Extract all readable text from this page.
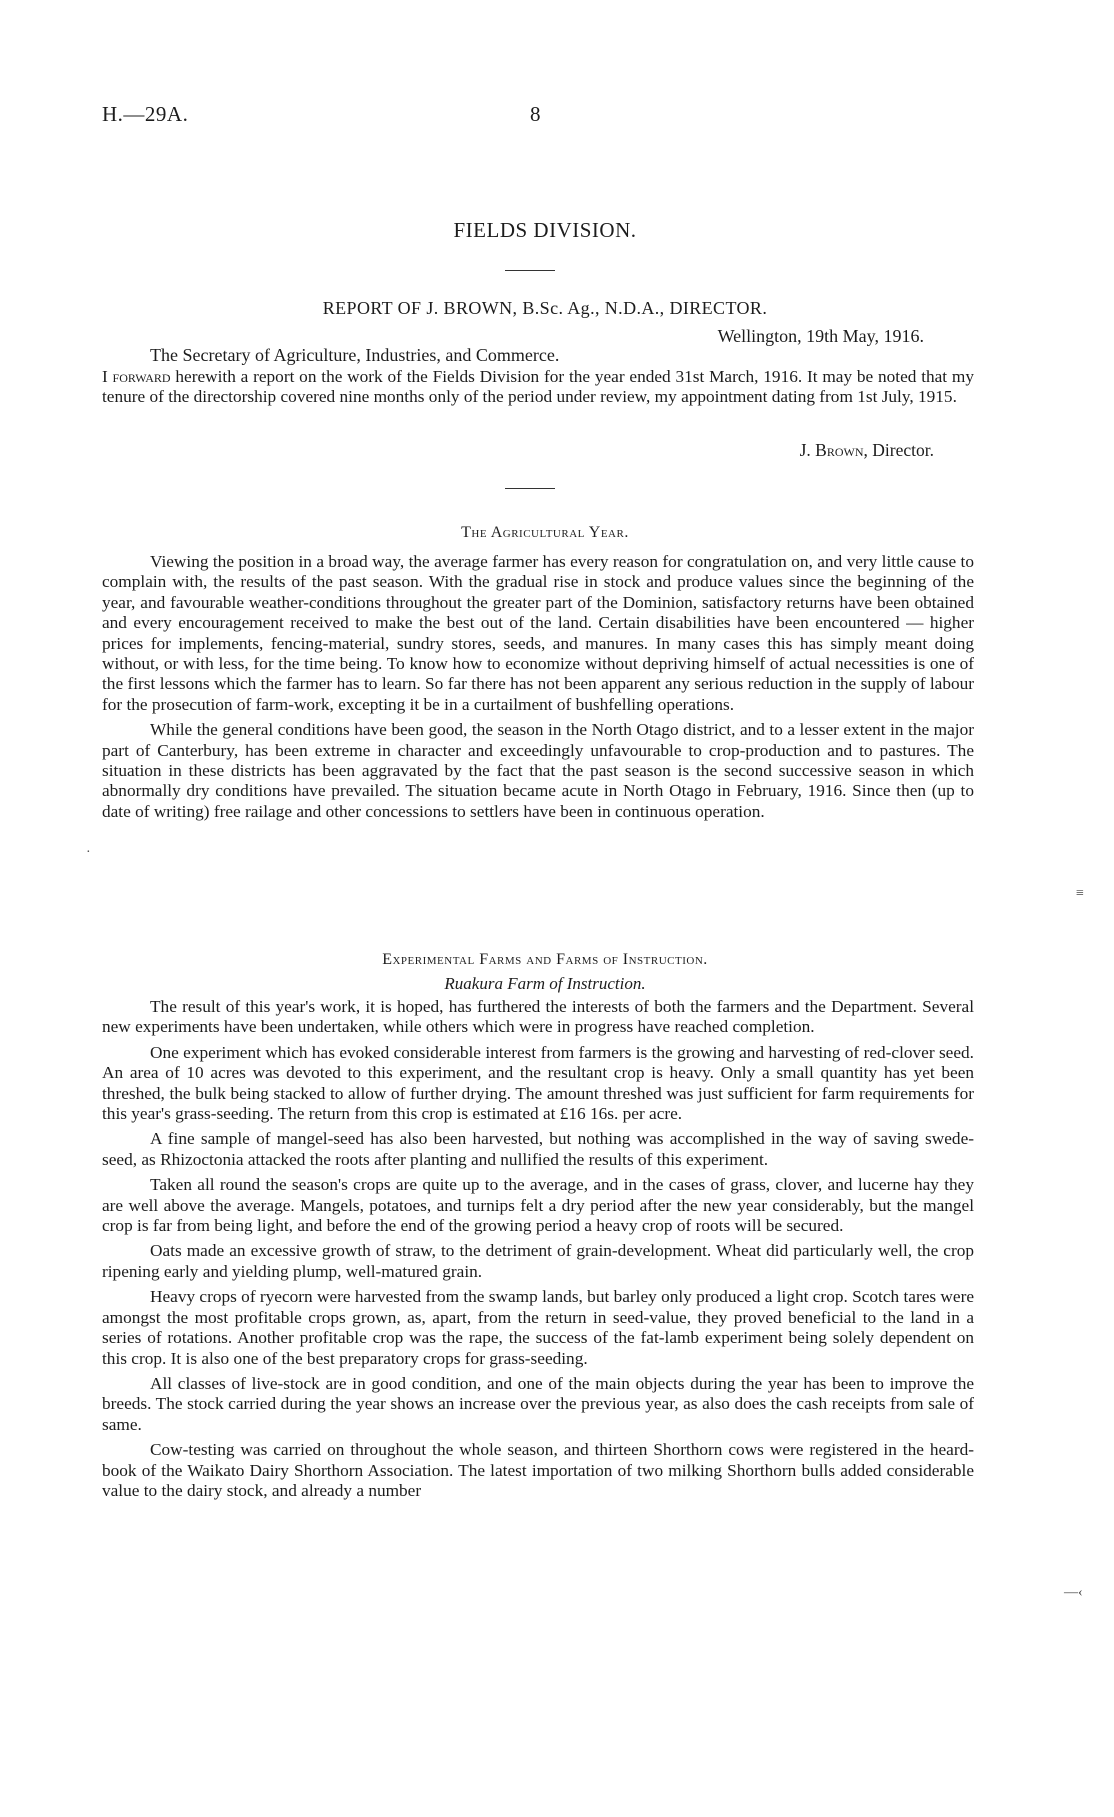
H.—29A.	8
FIELDS DIVISION.
REPORT OF J. BROWN, B.Sc. Ag., N.D.A., DIRECTOR.
Wellington, 19th May, 1916.
The Secretary of Agriculture, Industries, and Commerce.

I forward herewith a report on the work of the Fields Division for the year ended 31st March, 1916. It may be noted that my tenure of the directorship covered nine months only of the period under review, my appointment dating from 1st July, 1915.

J. Brown, Director.
The Agricultural Year.

Viewing the position in a broad way, the average farmer has every reason for congratulation on, and very little cause to complain with, the results of the past season. With the gradual rise in stock and produce values since the beginning of the year, and favourable weather-conditions throughout the greater part of the Dominion, satisfactory returns have been obtained and every encouragement received to make the best out of the land. Certain disabilities have been encountered — higher prices for implements, fencing-material, sundry stores, seeds, and manures. In many cases this has simply meant doing without, or with less, for the time being. To know how to economize without depriving himself of actual necessities is one of the first lessons which the farmer has to learn. So far there has not been apparent any serious reduction in the supply of labour for the prosecution of farm-work, excepting it be in a curtailment of bushfelling operations.

While the general conditions have been good, the season in the North Otago district, and to a lesser extent in the major part of Canterbury, has been extreme in character and exceedingly unfavourable to crop-production and to pastures. The situation in these districts has been aggravated by the fact that the past season is the second successive season in which abnormally dry conditions have prevailed. The situation became acute in North Otago in February, 1916. Since then (up to date of writing) free railage and other concessions to settlers have been in continuous operation.

Experimental Farms and Farms of Instruction.
Ruakura Farm of Instruction.

The result of this year's work, it is hoped, has furthered the interests of both the farmers and the Department. Several new experiments have been undertaken, while others which were in progress have reached completion.

One experiment which has evoked considerable interest from farmers is the growing and harvesting of red-clover seed. An area of 10 acres was devoted to this experiment, and the resultant crop is heavy. Only a small quantity has yet been threshed, the bulk being stacked to allow of further drying. The amount threshed was just sufficient for farm requirements for this year's grass-seeding. The return from this crop is estimated at £16 16s. per acre.

A fine sample of mangel-seed has also been harvested, but nothing was accomplished in the way of saving swede-seed, as Rhizoctonia attacked the roots after planting and nullified the results of this experiment.

Taken all round the season's crops are quite up to the average, and in the cases of grass, clover, and lucerne hay they are well above the average. Mangels, potatoes, and turnips felt a dry period after the new year considerably, but the mangel crop is far from being light, and before the end of the growing period a heavy crop of roots will be secured.

Oats made an excessive growth of straw, to the detriment of grain-development. Wheat did particularly well, the crop ripening early and yielding plump, well-matured grain.

Heavy crops of ryecorn were harvested from the swamp lands, but barley only produced a light crop. Scotch tares were amongst the most profitable crops grown, as, apart, from the return in seed-value, they proved beneficial to the land in a series of rotations. Another profitable crop was the rape, the success of the fat-lamb experiment being solely dependent on this crop. It is also one of the best preparatory crops for grass-seeding.

All classes of live-stock are in good condition, and one of the main objects during the year has been to improve the breeds. The stock carried during the year shows an increase over the previous year, as also does the cash receipts from sale of same.

Cow-testing was carried on throughout the whole season, and thirteen Shorthorn cows were registered in the heard-book of the Waikato Dairy Shorthorn Association. The latest importation of two milking Shorthorn bulls added considerable value to the dairy stock, and already a number

≡
—‹
·
